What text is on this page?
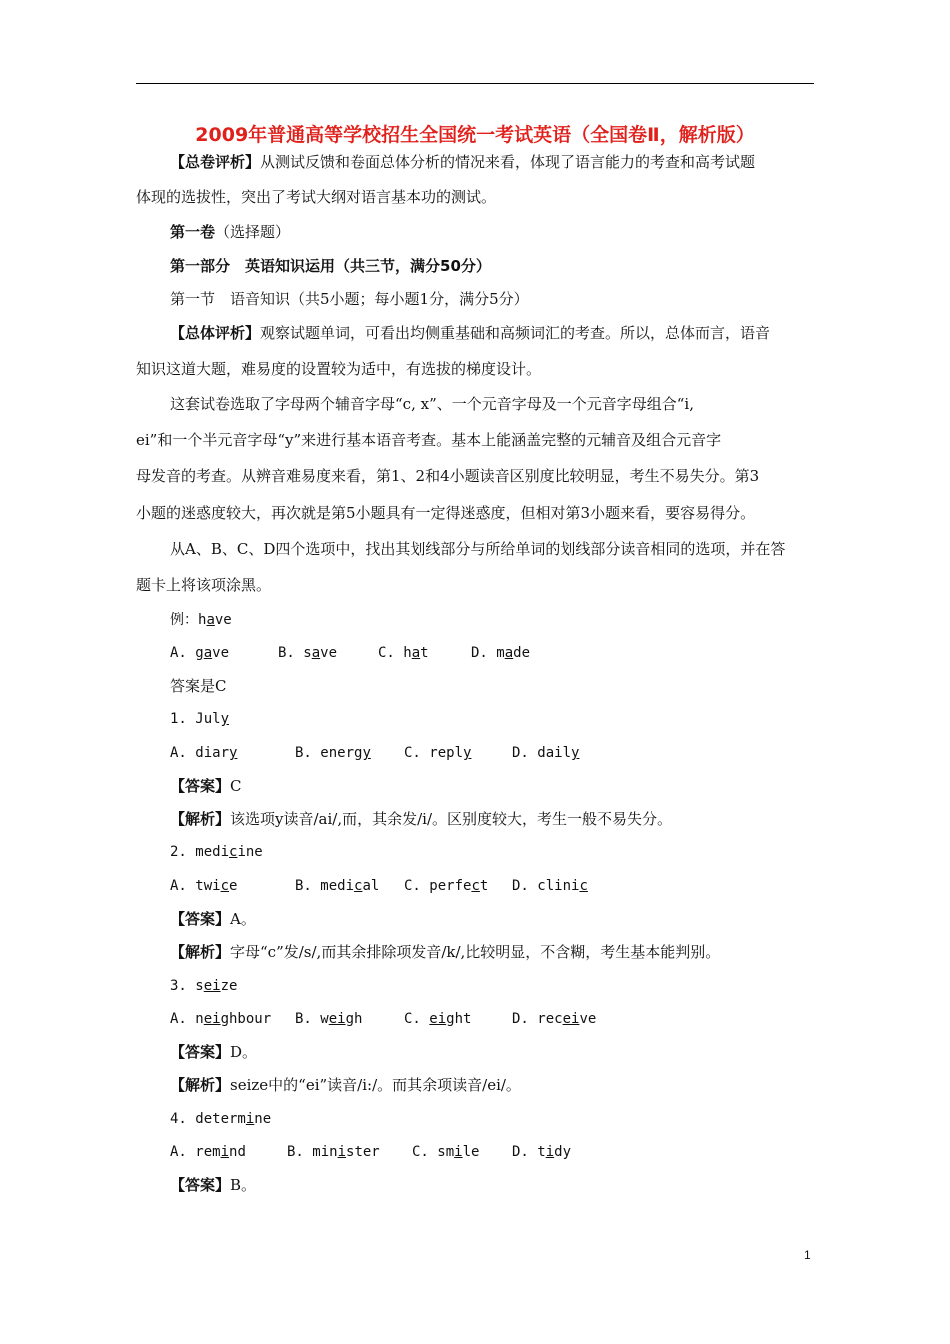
2009年普通高等学校招生全国统一考试英语（全国卷Ⅱ，解析版）
【总卷评析】从测试反馈和卷面总体分析的情况来看，体现了语言能力的考查和高考试题
体现的选拔性，突出了考试大纲对语言基本功的测试。
第一卷（选择题）
第一部分　英语知识运用（共三节，满分50分）
第一节　语音知识（共5小题；每小题1分，满分5分）
【总体评析】观察试题单词，可看出均侧重基础和高频词汇的考查。所以，总体而言，语音
知识这道大题，难易度的设置较为适中，有选拔的梯度设计。
这套试卷选取了字母两个辅音字母“c, x”、一个元音字母及一个元音字母组合“i,
ei”和一个半元音字母“y”来进行基本语音考查。基本上能涵盖完整的元辅音及组合元音字
母发音的考查。从辨音难易度来看，第1、2和4小题读音区别度比较明显，考生不易失分。第3
小题的迷惑度较大，再次就是第5小题具有一定得迷惑度，但相对第3小题来看，要容易得分。
从A、B、C、D四个选项中，找出其划线部分与所给单词的划线部分读音相同的选项，并在答
题卡上将该项涂黑。
例：have
A. gave	B. save	C. hat	D. made
答案是C
1. July
A. diary	B. energy C. reply	D. daily
【答案】C
【解析】该选项y读音/ai/,而，其余发/i/。区别度较大，考生一般不易失分。
2. medicine
A. twice	B. medical C. perfect D. clinic
【答案】A。
【解析】字母“c”发/s/,而其余排除项发音/k/,比较明显，不含糊，考生基本能判别。
3. seize
A. neighbour B. weigh	C. eight	D. receive
【答案】D。
【解析】seize中的“ei”读音/i:/。而其余项读音/ei/。
4. determine
A. remind	B. minister C. smile D. tidy
【答案】B。
1
